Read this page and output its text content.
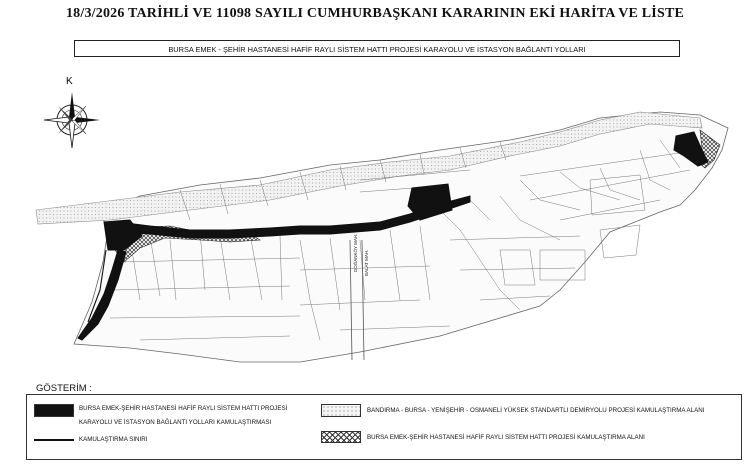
18/3/2026 TARİHLİ VE 11098 SAYILI CUMHURBAŞKANI KARARININ EKİ HARİTA VE LİSTE
BURSA EMEK - ŞEHİR HASTANESİ HAFİF RAYLI SİSTEM HATTI PROJESİ KARAYOLU VE İSTASYON BAĞLANTI YOLLARI
K
DOĞANKÖY MAH. BALAT MAH.
GÖSTERİM :
BURSA EMEK-ŞEHİR HASTANESİ HAFİF RAYLI SİSTEM HATTI PROJESİ
KARAYOLU VE İSTASYON BAĞLANTI YOLLARI KAMULAŞTIRMASI
KAMULAŞTIRMA SINIRI
BANDIRMA - BURSA - YENİŞEHİR - OSMANELİ YÜKSEK STANDARTLI DEMİRYOLU PROJESİ KAMULAŞTIRMA ALANI
BURSA EMEK-ŞEHİR HASTANESİ HAFİF RAYLI SİSTEM HATTI PROJESİ KAMULAŞTIRMA ALANI
